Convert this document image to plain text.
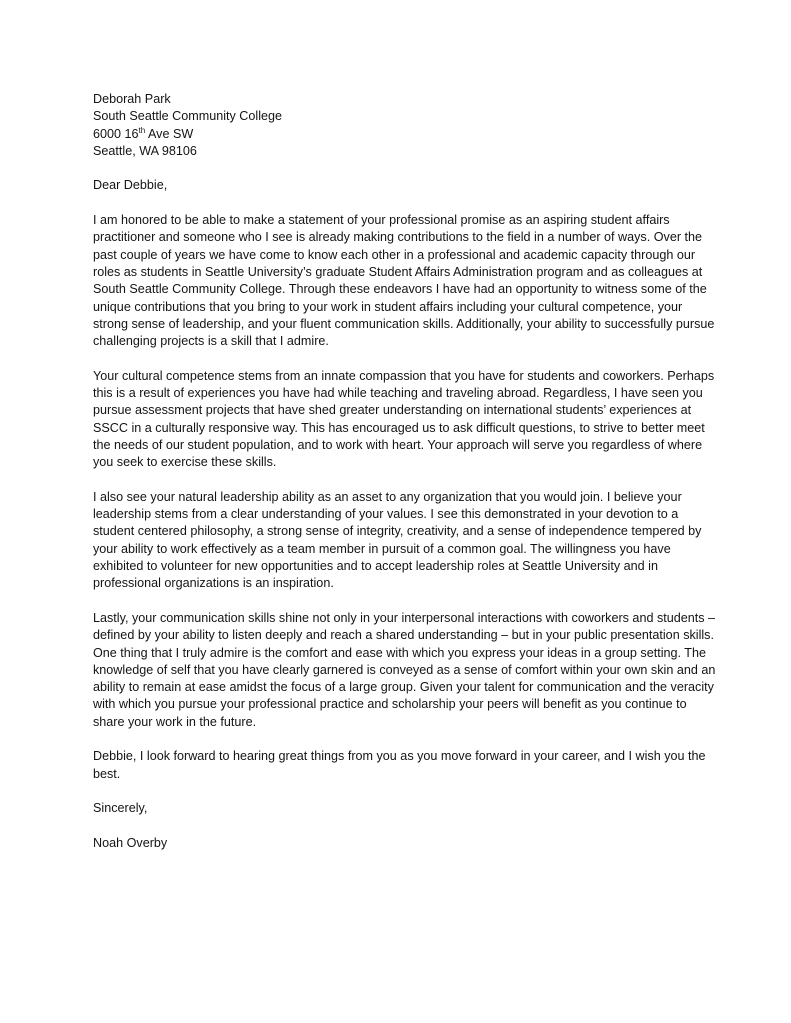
Deborah Park
South Seattle Community College
6000 16th Ave SW
Seattle, WA 98106
Dear Debbie,

I am honored to be able to make a statement of your professional promise as an aspiring student affairs practitioner and someone who I see is already making contributions to the field in a number of ways. Over the past couple of years we have come to know each other in a professional and academic capacity through our roles as students in Seattle University’s graduate Student Affairs Administration program and as colleagues at South Seattle Community College. Through these endeavors I have had an opportunity to witness some of the unique contributions that you bring to your work in student affairs including your cultural competence, your strong sense of leadership, and your fluent communication skills. Additionally, your ability to successfully pursue challenging projects is a skill that I admire.

Your cultural competence stems from an innate compassion that you have for students and coworkers. Perhaps this is a result of experiences you have had while teaching and traveling abroad. Regardless, I have seen you pursue assessment projects that have shed greater understanding on international students’ experiences at SSCC in a culturally responsive way. This has encouraged us to ask difficult questions, to strive to better meet the needs of our student population, and to work with heart. Your approach will serve you regardless of where you seek to exercise these skills.

I also see your natural leadership ability as an asset to any organization that you would join. I believe your leadership stems from a clear understanding of your values. I see this demonstrated in your devotion to a student centered philosophy, a strong sense of integrity, creativity, and a sense of independence tempered by your ability to work effectively as a team member in pursuit of a common goal. The willingness you have exhibited to volunteer for new opportunities and to accept leadership roles at Seattle University and in professional organizations is an inspiration.

Lastly, your communication skills shine not only in your interpersonal interactions with coworkers and students – defined by your ability to listen deeply and reach a shared understanding – but in your public presentation skills. One thing that I truly admire is the comfort and ease with which you express your ideas in a group setting. The knowledge of self that you have clearly garnered is conveyed as a sense of comfort within your own skin and an ability to remain at ease amidst the focus of a large group. Given your talent for communication and the veracity with which you pursue your professional practice and scholarship your peers will benefit as you continue to share your work in the future.

Debbie, I look forward to hearing great things from you as you move forward in your career, and I wish you the best.

Sincerely,
Noah Overby
